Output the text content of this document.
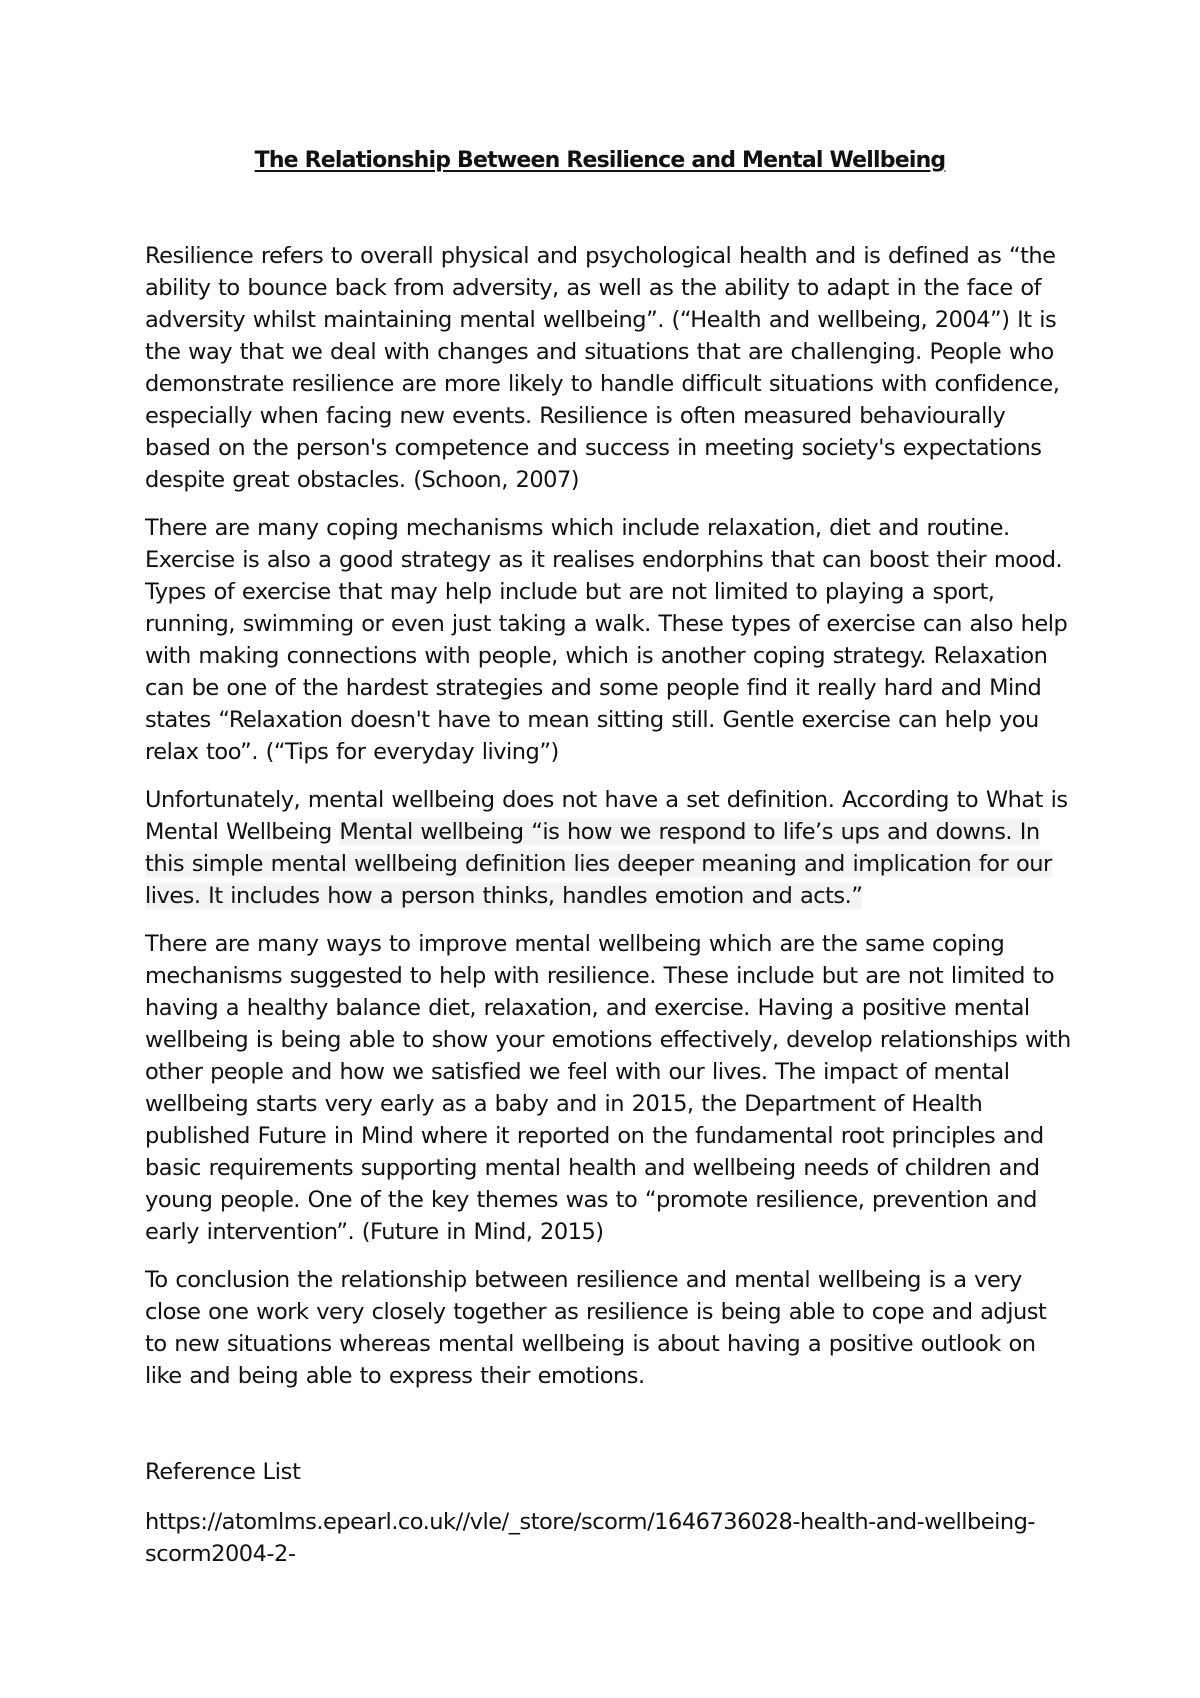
The Relationship Between Resilience and Mental Wellbeing

Resilience refers to overall physical and psychological health and is defined as “the ability to bounce back from adversity, as well as the ability to adapt in the face of adversity whilst maintaining mental wellbeing”. (“Health and wellbeing, 2004”) It is the way that we deal with changes and situations that are challenging. People who demonstrate resilience are more likely to handle difficult situations with confidence, especially when facing new events. Resilience is often measured behaviourally based on the person's competence and success in meeting society's expectations despite great obstacles. (Schoon, 2007)

There are many coping mechanisms which include relaxation, diet and routine. Exercise is also a good strategy as it realises endorphins that can boost their mood. Types of exercise that may help include but are not limited to playing a sport, running, swimming or even just taking a walk. These types of exercise can also help with making connections with people, which is another coping strategy. Relaxation can be one of the hardest strategies and some people find it really hard and Mind states “Relaxation doesn't have to mean sitting still. Gentle exercise can help you relax too”. (“Tips for everyday living”)

Unfortunately, mental wellbeing does not have a set definition. According to What is Mental Wellbeing Mental wellbeing “is how we respond to life’s ups and downs. In this simple mental wellbeing definition lies deeper meaning and implication for our lives. It includes how a person thinks, handles emotion and acts.”

There are many ways to improve mental wellbeing which are the same coping mechanisms suggested to help with resilience. These include but are not limited to having a healthy balance diet, relaxation, and exercise. Having a positive mental wellbeing is being able to show your emotions effectively, develop relationships with other people and how we satisfied we feel with our lives. The impact of mental wellbeing starts very early as a baby and in 2015, the Department of Health published Future in Mind where it reported on the fundamental root principles and basic requirements supporting mental health and wellbeing needs of children and young people. One of the key themes was to “promote resilience, prevention and early intervention”. (Future in Mind, 2015)

To conclusion the relationship between resilience and mental wellbeing is a very close one work very closely together as resilience is being able to cope and adjust to new situations whereas mental wellbeing is about having a positive outlook on like and being able to express their emotions.

Reference List

https://atomlms.epearl.co.uk//vle/_store/scorm/1646736028-health-and-wellbeing-scorm2004-2-
